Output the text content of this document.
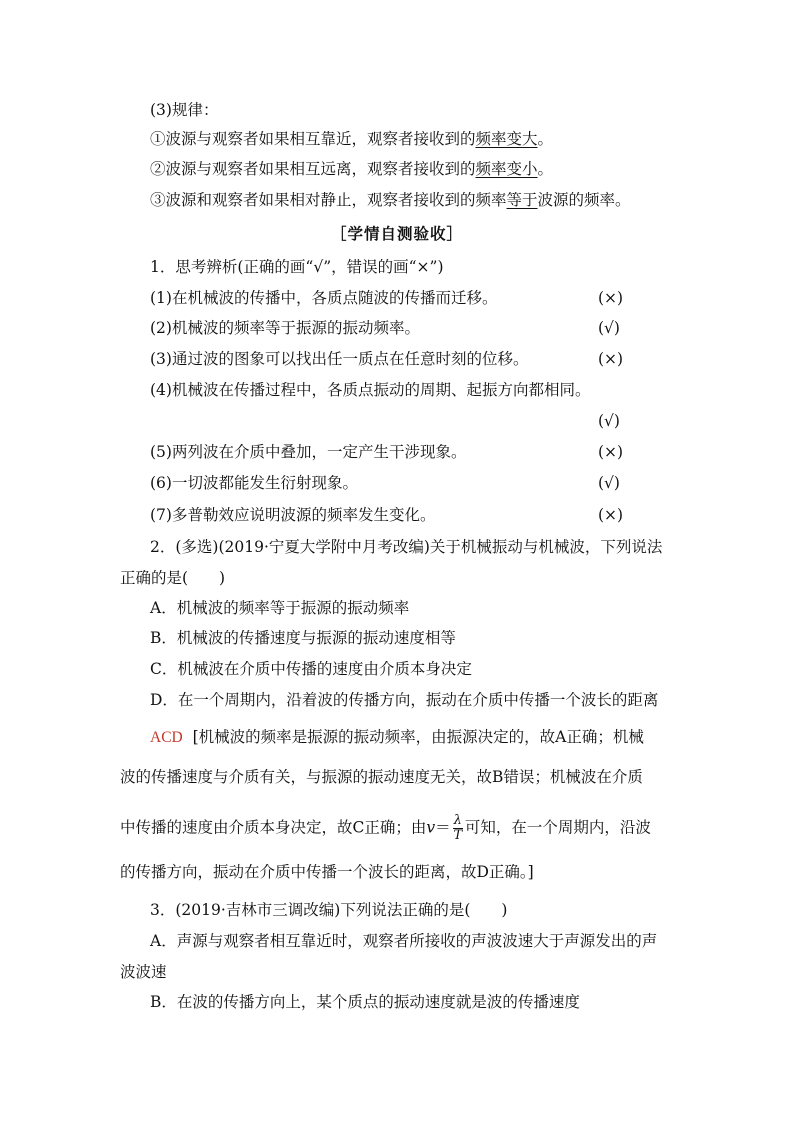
(3)规律：
①波源与观察者如果相互靠近，观察者接收到的频率变大。
②波源与观察者如果相互远离，观察者接收到的频率变小。
③波源和观察者如果相对静止，观察者接收到的频率等于波源的频率。
［学情自测验收］
1．思考辨析(正确的画“√”，错误的画“×”)
(1)在机械波的传播中，各质点随波的传播而迁移。	(×)
(2)机械波的频率等于振源的振动频率。	(√)
(3)通过波的图象可以找出任一质点在任意时刻的位移。	(×)
(4)机械波在传播过程中，各质点振动的周期、起振方向都相同。
(√)
(5)两列波在介质中叠加，一定产生干涉现象。	(×)
(6)一切波都能发生衍射现象。	(√)
(7)多普勒效应说明波源的频率发生变化。	(×)
2．(多选)(2019·宁夏大学附中月考改编)关于机械振动与机械波，下列说法
正确的是(　　)
A．机械波的频率等于振源的振动频率
B．机械波的传播速度与振源的振动速度相等
C．机械波在介质中传播的速度由介质本身决定
D．在一个周期内，沿着波的传播方向，振动在介质中传播一个波长的距离
ACD [机械波的频率是振源的振动频率，由振源决定的，故A正确；机械
波的传播速度与介质有关，与振源的振动速度无关，故B错误；机械波在介质
中传播的速度由介质本身决定，故C正确；由$v= \frac{\lambda}{T}$ 可知，在一个周期内，沿波
的传播方向，振动在介质中传播一个波长的距离，故D正确。]
3．(2019·吉林市三调改编)下列说法正确的是(　　)
A．声源与观察者相互靠近时，观察者所接收的声波波速大于声源发出的声
波波速
B．在波的传播方向上，某个质点的振动速度就是波的传播速度
